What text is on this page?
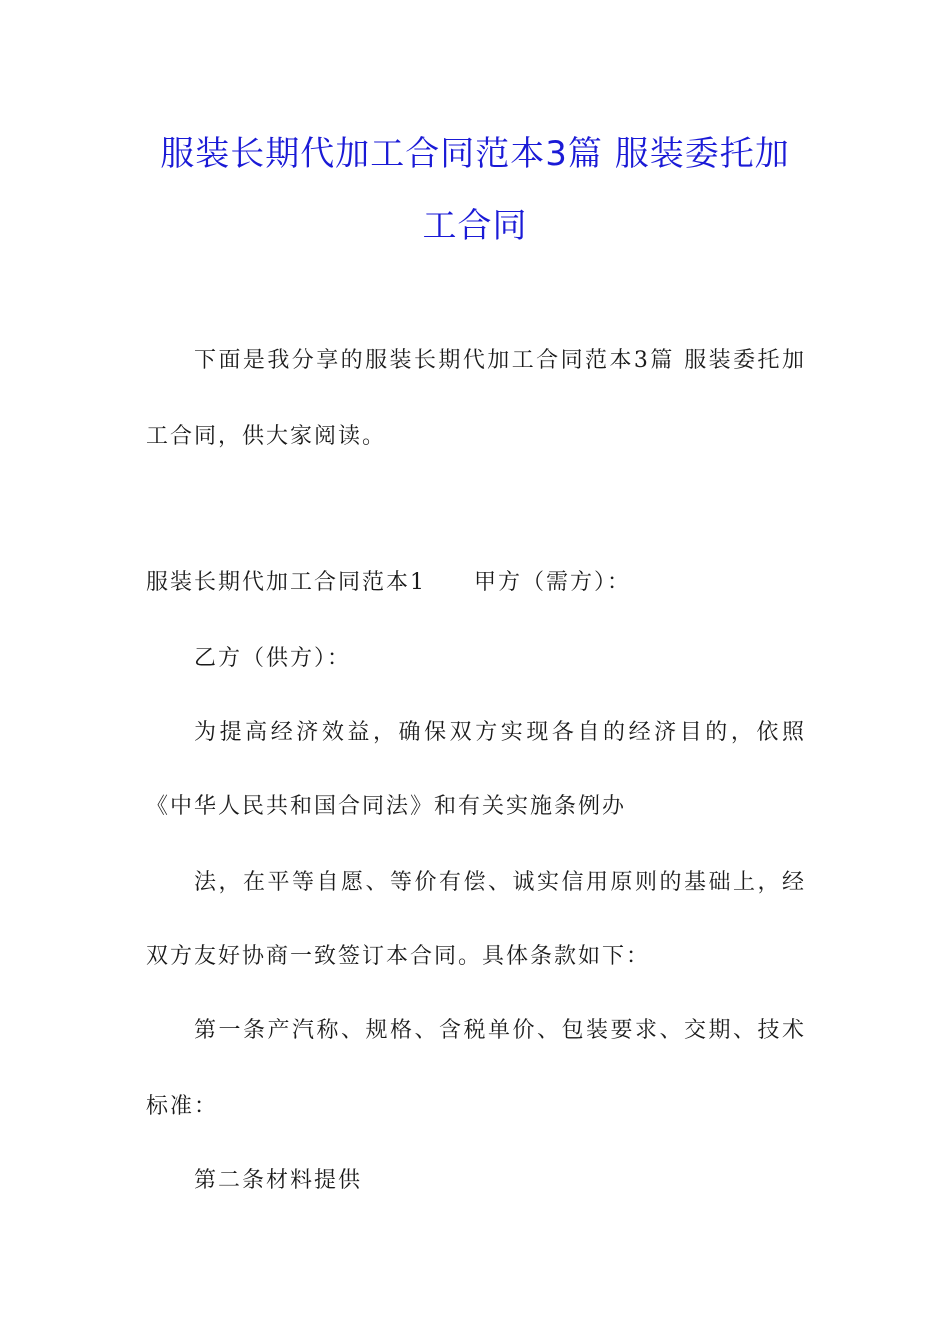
服装长期代加工合同范本3篇 服装委托加
工合同
下面是我分享的服装长期代加工合同范本3篇 服装委托加
工合同，供大家阅读。
服装长期代加工合同范本1 甲方（需方）：
乙方（供方）：
为提高经济效益，确保双方实现各自的经济目的，依照
《中华人民共和国合同法》和有关实施条例办
法，在平等自愿、等价有偿、诚实信用原则的基础上，经
双方友好协商一致签订本合同。具体条款如下：
第一条产汽称、规格、含税单价、包装要求、交期、技术
标准：
第二条材料提供
